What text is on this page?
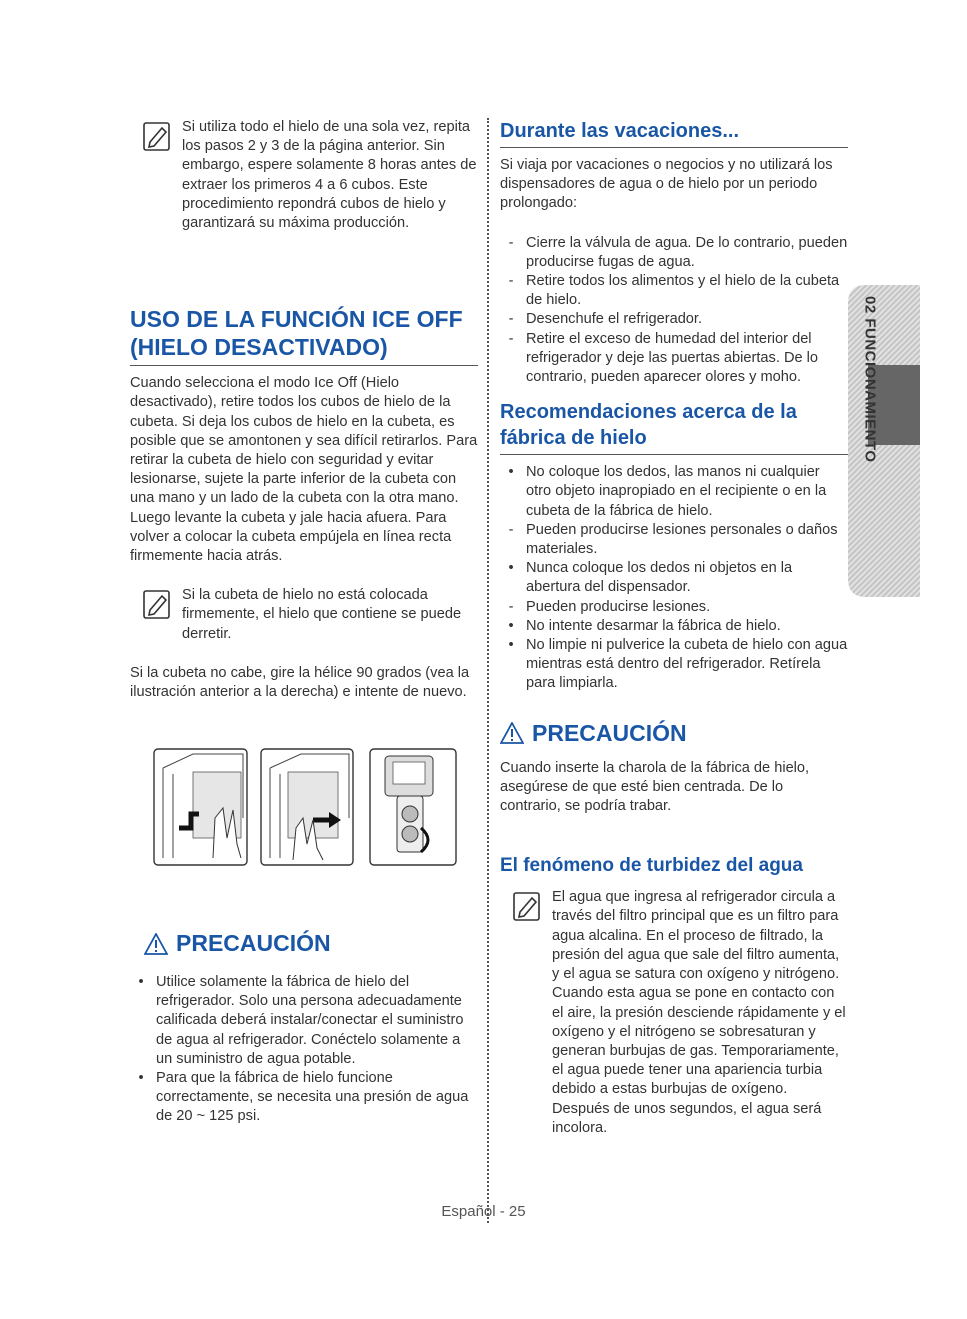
Si utiliza todo el hielo de una sola vez, repita los pasos 2 y 3 de la página anterior. Sin embargo, espere solamente 8 horas antes de extraer los primeros 4 a 6 cubos. Este procedimiento repondrá cubos de hielo y garantizará su máxima producción.
USO DE LA FUNCIÓN ICE OFF
(HIELO DESACTIVADO)

Cuando selecciona el modo Ice Off (Hielo desactivado), retire todos los cubos de hielo de la cubeta. Si deja los cubos de hielo en la cubeta, es posible que se amontonen y sea difícil retirarlos. Para retirar la cubeta de hielo con seguridad y evitar lesionarse, sujete la parte inferior de la cubeta con una mano y un lado de la cubeta con la otra mano. Luego levante la cubeta y jale hacia afuera. Para volver a colocar la cubeta empújela en línea recta firmemente hacia atrás.

Si la cubeta de hielo no está colocada firmemente, el hielo que contiene se puede derretir.

Si la cubeta no cabe, gire la hélice 90 grados (vea la ilustración anterior a la derecha) e intente de nuevo.

PRECAUCIÓN
• Utilice solamente la fábrica de hielo del refrigerador. Solo una persona adecuadamente calificada deberá instalar/conectar el suministro de agua al refrigerador. Conéctelo solamente a un suministro de agua potable.
• Para que la fábrica de hielo funcione correctamente, se necesita una presión de agua de 20 ~ 125 psi.
Durante las vacaciones...

Si viaja por vacaciones o negocios y no utilizará los dispensadores de agua o de hielo por un periodo prolongado:

- Cierre la válvula de agua. De lo contrario, pueden producirse fugas de agua.
- Retire todos los alimentos y el hielo de la cubeta de hielo.
- Desenchufe el refrigerador.
- Retire el exceso de humedad del interior del refrigerador y deje las puertas abiertas. De lo contrario, pueden aparecer olores y moho.
Recomendaciones acerca de la
fábrica de hielo
• No coloque los dedos, las manos ni cualquier otro objeto inapropiado en el recipiente o en la cubeta de la fábrica de hielo.
- Pueden producirse lesiones personales o daños materiales.
• Nunca coloque los dedos ni objetos en la abertura del dispensador.
- Pueden producirse lesiones.
• No intente desarmar la fábrica de hielo.
• No limpie ni pulverice la cubeta de hielo con agua mientras está dentro del refrigerador. Retírela para limpiarla.
PRECAUCIÓN

Cuando inserte la charola de la fábrica de hielo, asegúrese de que esté bien centrada. De lo contrario, se podría trabar.

El fenómeno de turbidez del agua
El agua que ingresa al refrigerador circula a través del filtro principal que es un filtro para agua alcalina. En el proceso de filtrado, la presión del agua que sale del filtro aumenta, y el agua se satura con oxígeno y nitrógeno. Cuando esta agua se pone en contacto con el aire, la presión desciende rápidamente y el oxígeno y el nitrógeno se sobresaturan y generan burbujas de gas. Temporariamente, el agua puede tener una apariencia turbia debido a estas burbujas de oxígeno. Después de unos segundos, el agua será incolora.
02 FUNCIONAMIENTO
Español - 25
